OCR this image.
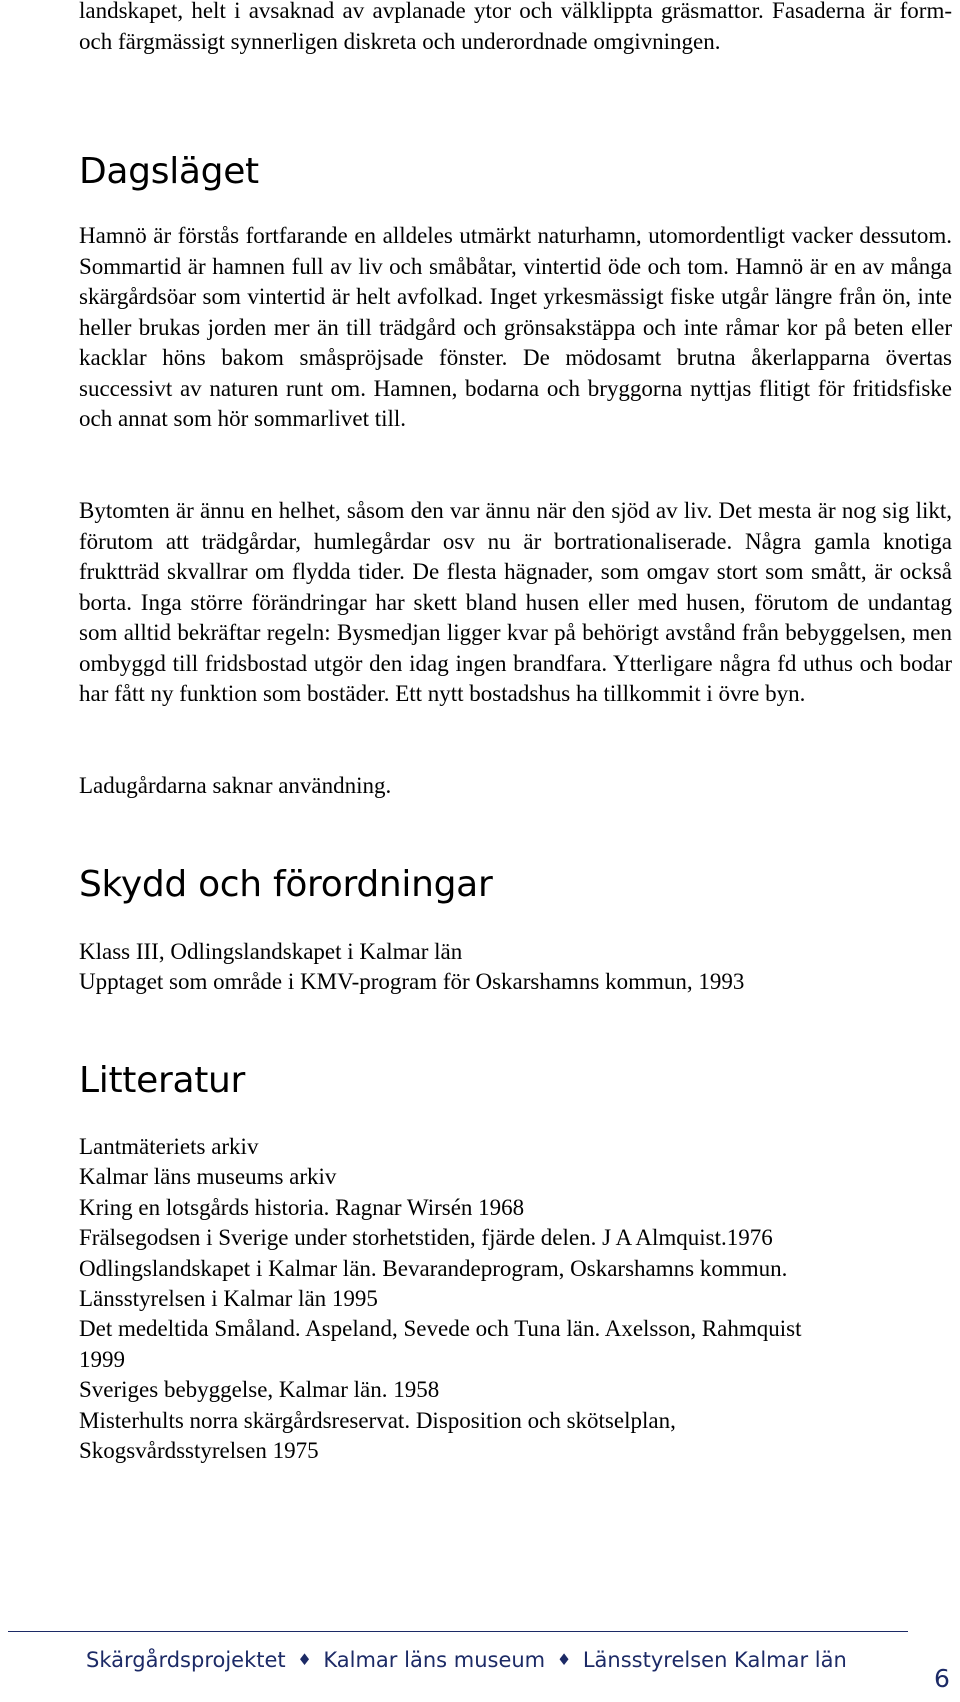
landskapet, helt i avsaknad av avplanade ytor och välklippta gräsmattor. Fasaderna är form- och färgmässigt synnerligen diskreta och underordnade omgivningen.

Dagsläget

Hamnö är förstås fortfarande en alldeles utmärkt naturhamn, utomordentligt vacker dessutom. Sommartid är hamnen full av liv och småbåtar, vintertid öde och tom. Hamnö är en av många skärgårdsöar som vintertid är helt avfolkad. Inget yrkesmässigt fiske utgår längre från ön, inte heller brukas jorden mer än till trädgård och grönsakstäppa och inte råmar kor på beten eller kacklar höns bakom småspröjsade fönster. De mödosamt brutna åkerlapparna övertas successivt av naturen runt om. Hamnen, bodarna och bryggorna nyttjas flitigt för fritidsfiske och annat som hör sommarlivet till.

Bytomten är ännu en helhet, såsom den var ännu när den sjöd av liv. Det mesta är nog sig likt, förutom att trädgårdar, humlegårdar osv nu är bortrationaliserade. Några gamla knotiga fruktträd skvallrar om flydda tider. De flesta hägnader, som omgav stort som smått, är också borta. Inga större förändringar har skett bland husen eller med husen, förutom de undantag som alltid bekräftar regeln: Bysmedjan ligger kvar på behörigt avstånd från bebyggelsen, men ombyggd till fridsbostad utgör den idag ingen brandfara. Ytterligare några fd uthus och bodar har fått ny funktion som bostäder. Ett nytt bostadshus ha tillkommit i övre byn.

Ladugårdarna saknar användning.

Skydd och förordningar
Klass III, Odlingslandskapet i Kalmar län
Upptaget som område i KMV-program för Oskarshamns kommun, 1993
Litteratur
Lantmäteriets arkiv
Kalmar läns museums arkiv
Kring en lotsgårds historia. Ragnar Wirsén 1968
Frälsegodsen i Sverige under storhetstiden, fjärde delen. J A Almquist.1976
Odlingslandskapet i Kalmar län. Bevarandeprogram, Oskarshamns kommun.
Länsstyrelsen i Kalmar län 1995
Det medeltida Småland. Aspeland, Sevede och Tuna län. Axelsson, Rahmquist
1999
Sveriges bebyggelse, Kalmar län. 1958
Misterhults norra skärgårdsreservat. Disposition och skötselplan,
Skogsvårdsstyrelsen 1975
Skärgårdsprojektet ♦ Kalmar läns museum ♦ Länsstyrelsen Kalmar län
6
